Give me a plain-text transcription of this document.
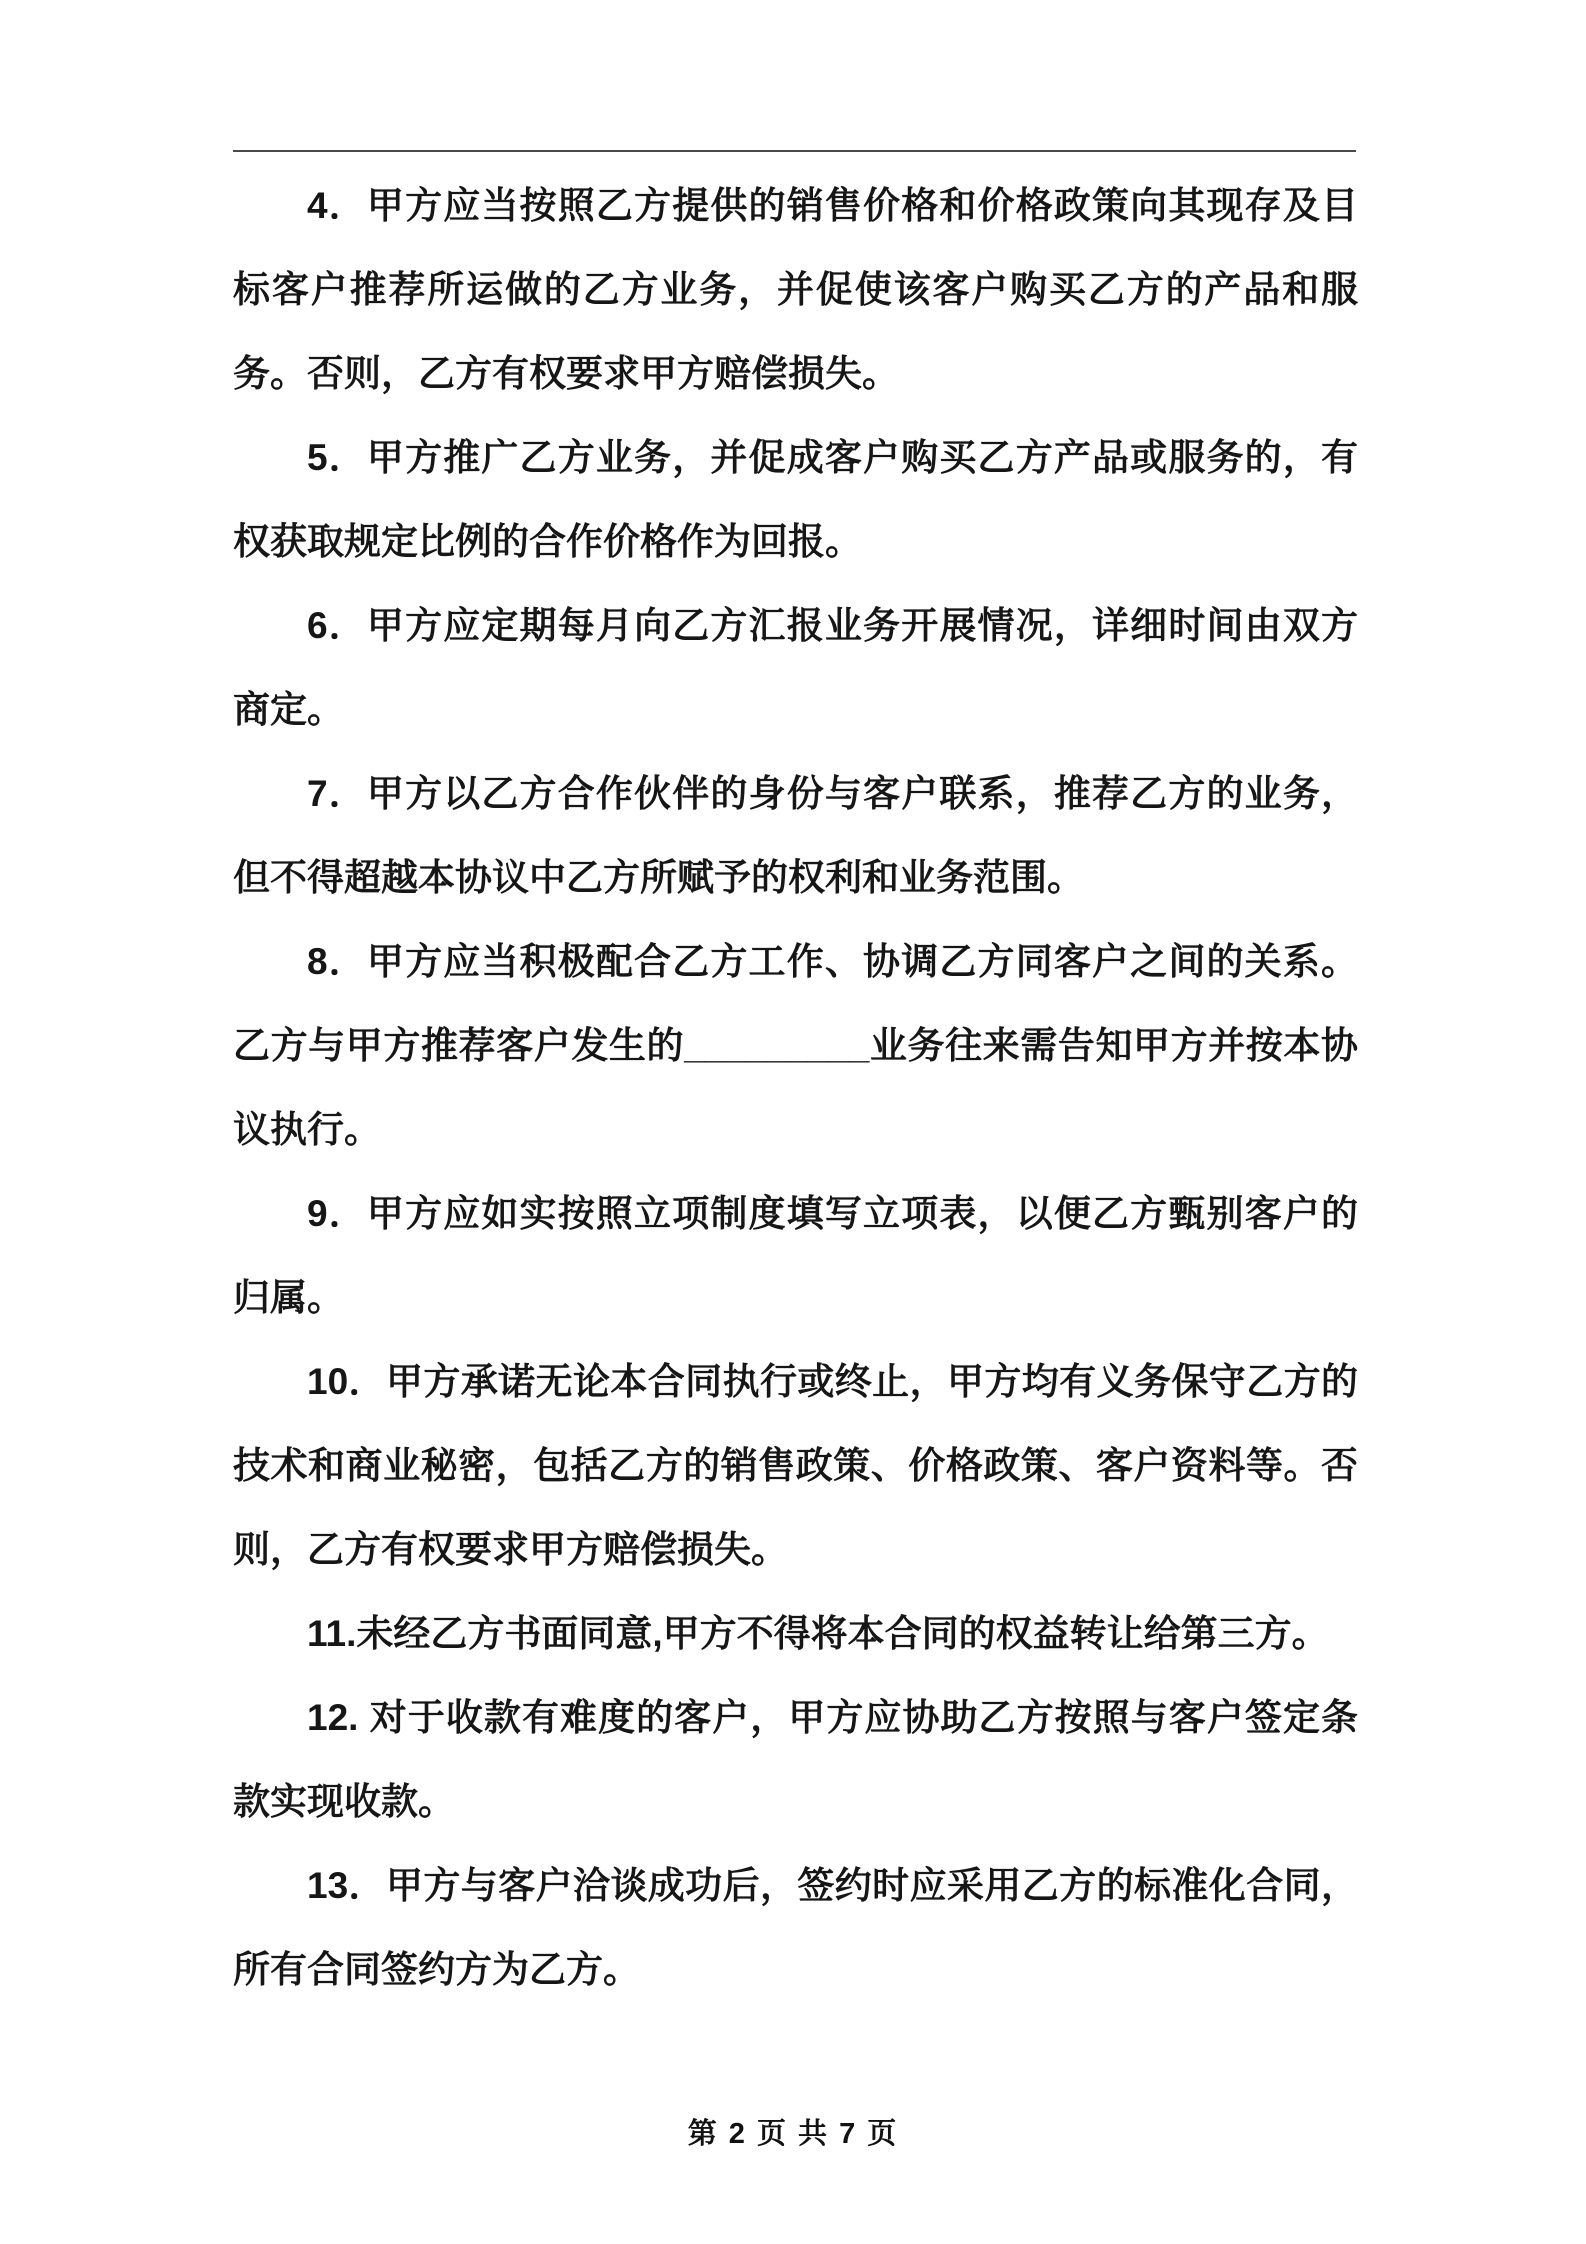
4．甲方应当按照乙方提供的销售价格和价格政策向其现存及目标客户推荐所运做的乙方业务，并促使该客户购买乙方的产品和服务。否则，乙方有权要求甲方赔偿损失。

5．甲方推广乙方业务，并促成客户购买乙方产品或服务的，有权获取规定比例的合作价格作为回报。

6．甲方应定期每月向乙方汇报业务开展情况，详细时间由双方商定。

7．甲方以乙方合作伙伴的身份与客户联系，推荐乙方的业务，但不得超越本协议中乙方所赋予的权利和业务范围。

8．甲方应当积极配合乙方工作、协调乙方同客户之间的关系。乙方与甲方推荐客户发生的_________业务往来需告知甲方并按本协议执行。

9．甲方应如实按照立项制度填写立项表，以便乙方甄别客户的归属。

10．甲方承诺无论本合同执行或终止，甲方均有义务保守乙方的技术和商业秘密，包括乙方的销售政策、价格政策、客户资料等。否则，乙方有权要求甲方赔偿损失。

11.未经乙方书面同意,甲方不得将本合同的权益转让给第三方。

12. 对于收款有难度的客户，甲方应协助乙方按照与客户签定条款实现收款。

13．甲方与客户洽谈成功后，签约时应采用乙方的标准化合同，所有合同签约方为乙方。

第 2 页 共 7 页
